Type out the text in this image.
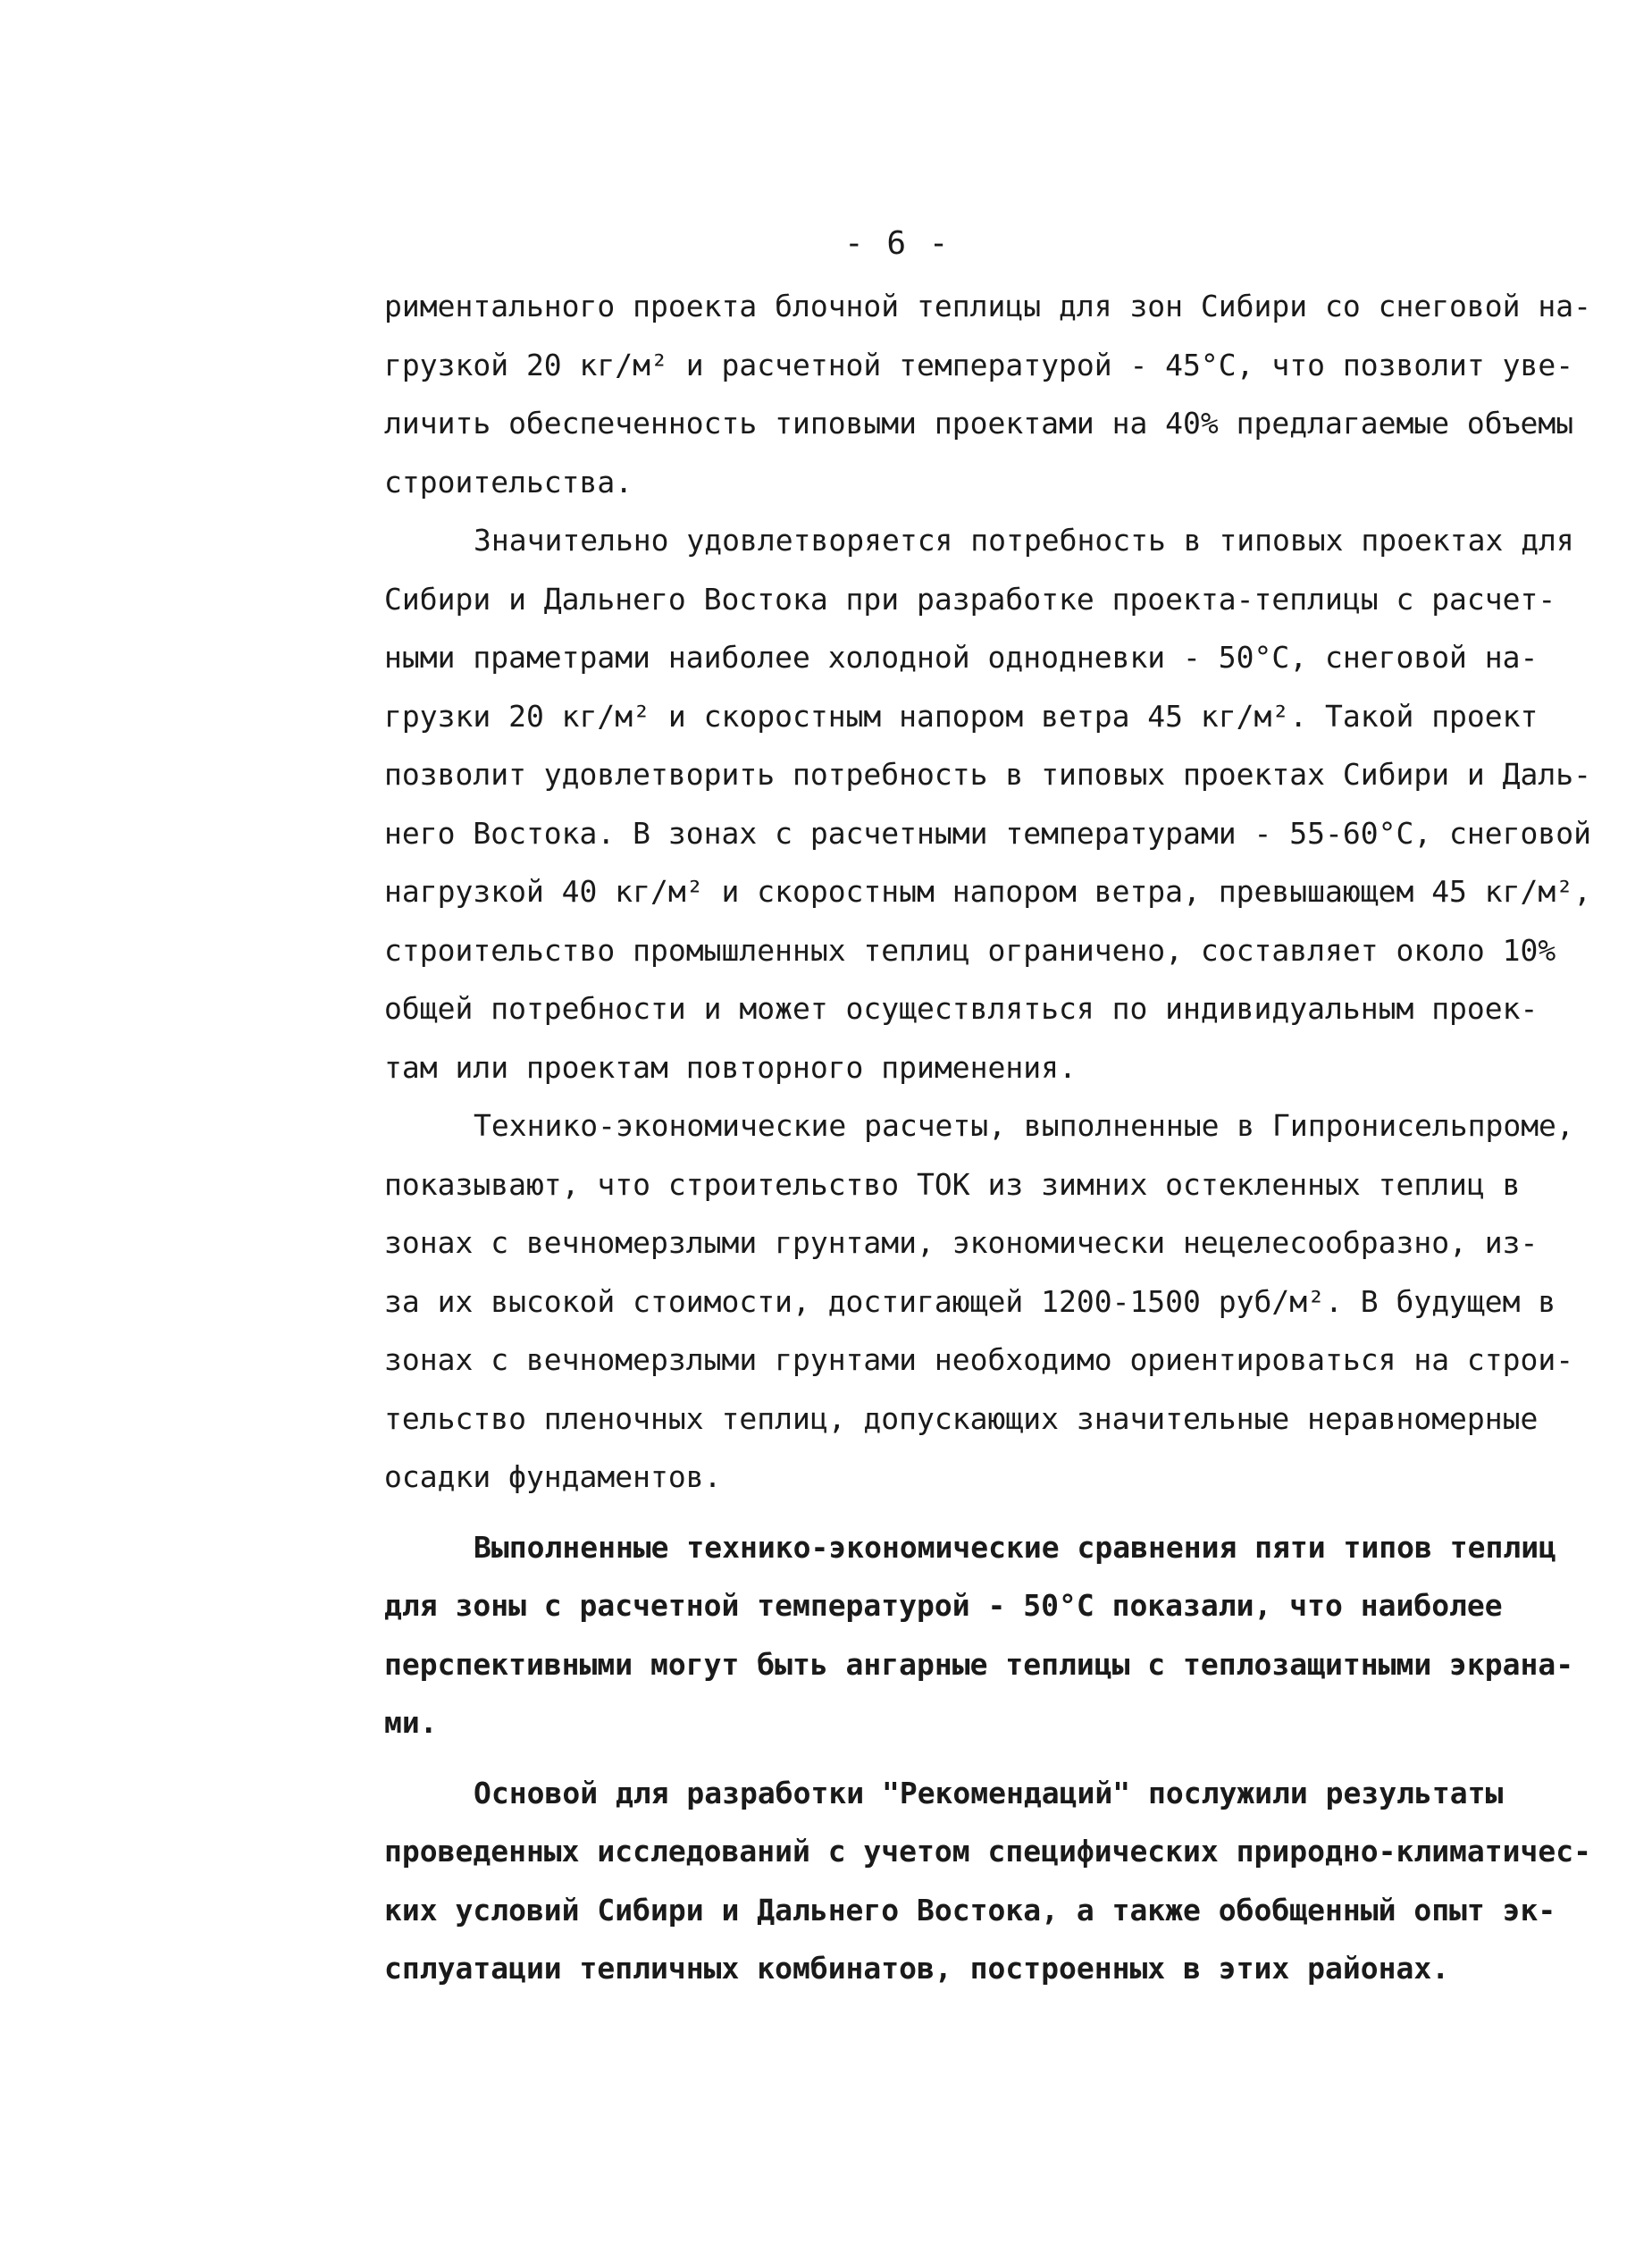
- 6 -
риментального проекта блочной теплицы для зон Сибири со снеговой на-
грузкой 20 кг/м² и расчетной температурой - 45°С, что позволит уве-
личить обеспеченность типовыми проектами на 40% предлагаемые объемы
строительства.
Значительно удовлетворяется потребность в типовых проектах для
Сибири и Дальнего Востока при разработке проекта-теплицы с расчет-
ными праметрами наиболее холодной однодневки - 50°С, снеговой на-
грузки 20 кг/м² и скоростным напором ветра 45 кг/м². Такой проект
позволит удовлетворить потребность в типовых проектах Сибири и Даль-
него Востока. В зонах с расчетными температурами - 55-60°С, снеговой
нагрузкой 40 кг/м² и скоростным напором ветра, превышающем 45 кг/м²,
строительство промышленных теплиц ограничено, составляет около 10%
общей потребности и может осуществляться по индивидуальным проек-
там или проектам повторного применения.
Технико-экономические расчеты, выполненные в Гипронисельпроме,
показывают, что строительство ТОК из зимних остекленных теплиц в
зонах с вечномерзлыми грунтами, экономически нецелесообразно, из-
за их высокой стоимости, достигающей 1200-1500 руб/м². В будущем в
зонах с вечномерзлыми грунтами необходимо ориентироваться на строи-
тельство пленочных теплиц, допускающих значительные неравномерные
осадки фундаментов.
Выполненные технико-экономические сравнения пяти типов теплиц
для зоны с расчетной температурой - 50°С показали, что наиболее
перспективными могут быть ангарные теплицы с теплозащитными экрана-
ми.
Основой для разработки "Рекомендаций" послужили результаты
проведенных исследований с учетом специфических природно-климатичес-
ких условий Сибири и Дальнего Востока, а также обобщенный опыт эк-
сплуатации тепличных комбинатов, построенных в этих районах.
